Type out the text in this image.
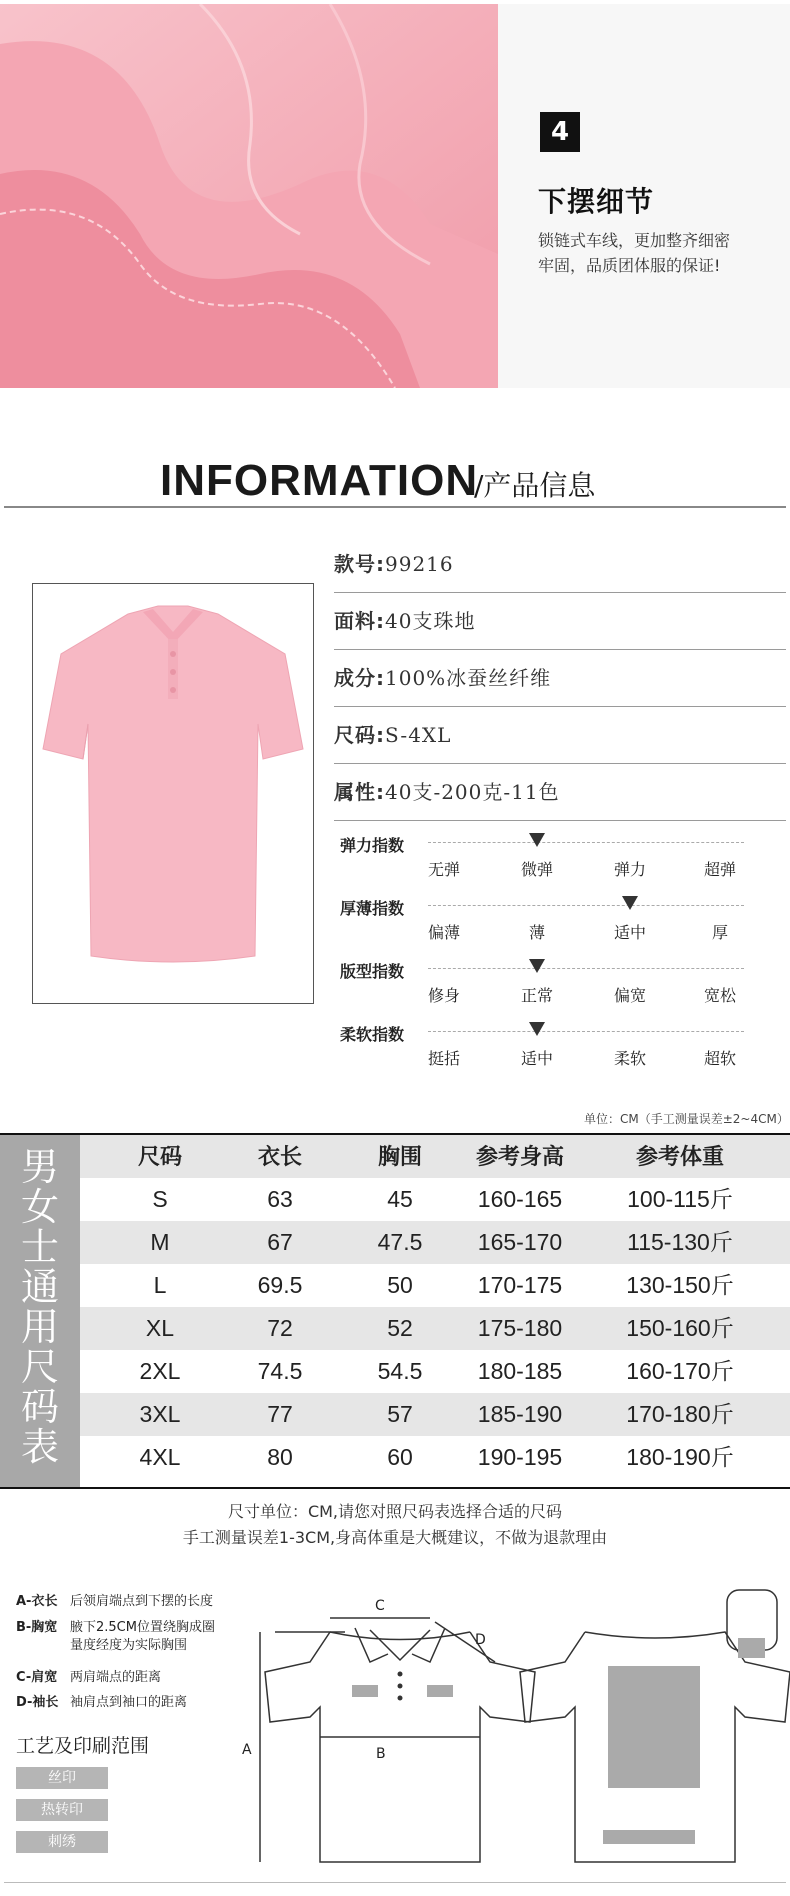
4
下摆细节
锁链式车线，更加整齐细密
牢固，品质团体服的保证!
INFORMATION
/产品信息
款号:99216
面料:40支珠地
成分:100%冰蚕丝纤维
尺码:S-4XL
属性:40支-200克-11色
弹力指数
无弹	微弹	弹力	超弹
厚薄指数
偏薄	薄	适中	厚
版型指数
修身	正常	偏宽	宽松
柔软指数
挺括	适中	柔软	超软
单位：CM（手工测量误差±2~4CM）
男女士通用尺码表
尺码	衣长	胸围	参考身高	参考体重
S	63	45	160-165	100-115斤
M	67	47.5	165-170	115-130斤
L	69.5	50	170-175	130-150斤
XL	72	52	175-180	150-160斤
2XL	74.5	54.5	180-185	160-170斤
3XL	77	57	185-190	170-180斤
4XL	80	60	190-195	180-190斤
尺寸单位：CM,请您对照尺码表选择合适的尺码
手工测量误差1-3CM,身高体重是大概建议，不做为退款理由
A-衣长 后领肩端点到下摆的长度
B-胸宽 腋下2.5CM位置绕胸成圈
量度经度为实际胸围
C-肩宽 两肩端点的距离
D-袖长 袖肩点到袖口的距离
工艺及印刷范围
丝印
热转印
刺绣
A	B
C
D
